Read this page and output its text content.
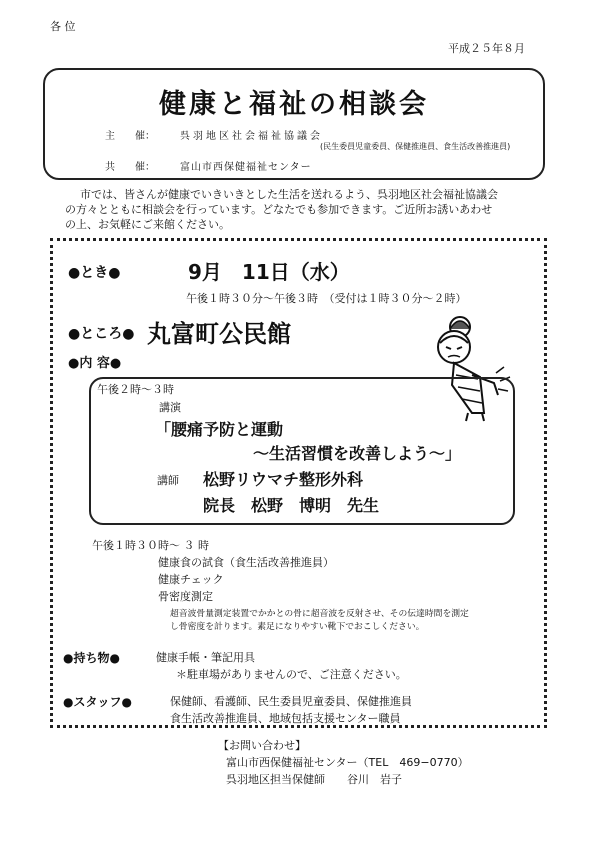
各 位
平成２５年８月
健康と福祉の相談会
主　　催：	呉羽地区社会福祉協議会
(民生委員児童委員、保健推進員、食生活改善推進員)
共　　催：	富山市西保健福祉センター
市では、皆さんが健康でいきいきとした生活を送れるよう、呉羽地区社会福祉協議会
の方々とともに相談会を行っています。どなたでも参加できます。ご近所お誘いあわせ
の上、お気軽にご来館ください。
●とき●	9月　11日（水）
午後１時３０分～午後３時　（受付は１時３０分～２時）
●ところ● 丸富町公民館
●内 容●
午後２時～３時
講演
「腰痛予防と運動
～生活習慣を改善しよう～」
講師 松野リウマチ整形外科
院長　松野　博明　先生
午後１時３０時～ ３ 時
健康食の試食（食生活改善推進員）
健康チェック
骨密度測定
超音波骨量測定装置でかかとの骨に超音波を反射させ、その伝達時間を測定
し骨密度を計ります。素足になりやすい靴下でおこしください。
●持ち物●	健康手帳・筆記用具
＊駐車場がありませんので、ご注意ください。
●スタッフ●	保健師、看護師、民生委員児童委員、保健推進員
食生活改善推進員、地域包括支援センター職員
【お問い合わせ】
富山市西保健福祉センター（TEL　469−0770）
呉羽地区担当保健師　　谷川　岩子
